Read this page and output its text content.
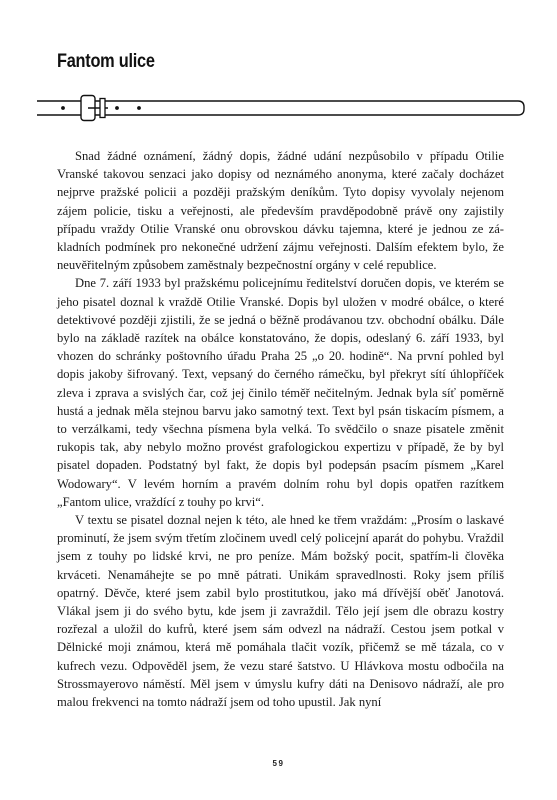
Fantom ulice

Snad žádné oznámení, žádný dopis, žádné udání nezpůsobilo v případu Otilie Vranské takovou senzaci jako dopisy od neznámého anonyma, které začaly docházet nejprve pražské policii a později pražským deníkům. Tyto dopisy vyvolaly nejenom zájem policie, tisku a veřejnosti, ale především pravděpodobně právě ony zajistily případu vraždy Otilie Vranské onu obrovskou dávku tajemna, které je jednou ze základních podmínek pro nekonečné udržení zájmu veřejnosti. Dalším efektem bylo, že neuvěřitelným způsobem zaměstnaly bezpečnostní orgány v celé republice.

Dne 7. září 1933 byl pražskému policejnímu ředitelství doručen dopis, ve kterém se jeho pisatel doznal k vraždě Otilie Vranské. Dopis byl uložen v modré obálce, o které detektivové později zjistili, že se jedná o běžně prodávanou tzv. obchodní obálku. Dále bylo na základě razítek na obálce konstatováno, že dopis, odeslaný 6. září 1933, byl vhozen do schránky poštovního úřadu Praha 25 „o 20. hodině“. Na první pohled byl dopis jakoby šifrovaný. Text, vepsaný do černého rámečku, byl překryt sítí úhlopříček zleva i zprava a svislých čar, což jej činilo téměř nečitelným. Jednak byla síť poměrně hustá a jednak měla stejnou barvu jako samotný text. Text byl psán tiskacím písmem, a to verzálkami, tedy všechna písmena byla velká. To svědčilo o snaze pisatele změnit rukopis tak, aby nebylo možno provést grafologickou expertizu v případě, že by byl pisatel dopaden. Podstatný byl fakt, že dopis byl podepsán psacím písmem „Karel Wodowary“. V levém horním a pravém dolním rohu byl dopis opatřen razítkem „Fantom ulice, vraždící z touhy po krvi“.

V textu se pisatel doznal nejen k této, ale hned ke třem vraždám: „Prosím o laskavé prominutí, že jsem svým třetím zločinem uvedl celý policejní aparát do pohybu. Vraždil jsem z touhy po lidské krvi, ne pro peníze. Mám božský pocit, spatřím-li člověka krváceti. Nenamáhejte se po mně pátrati. Unikám spravedlnosti. Roky jsem příliš opatrný. Děvče, které jsem zabil bylo prostitutkou, jako má dřívější oběť Janotová. Vlákal jsem ji do svého bytu, kde jsem ji zavraždil. Tělo její jsem dle obrazu kostry rozřezal a uložil do kufrů, které jsem sám odvezl na nádraží. Cestou jsem potkal v Dělnické moji známou, která mě pomáhala tlačit vozík, přičemž se mě tázala, co v kufrech vezu. Odpověděl jsem, že vezu staré šatstvo. U Hlávkova mostu odbočila na Strossmayerovo náměstí. Měl jsem v úmyslu kufry dáti na Denisovo nádraží, ale pro malou frekvenci na tomto nádraží jsem od toho upustil. Jak nyní

59
